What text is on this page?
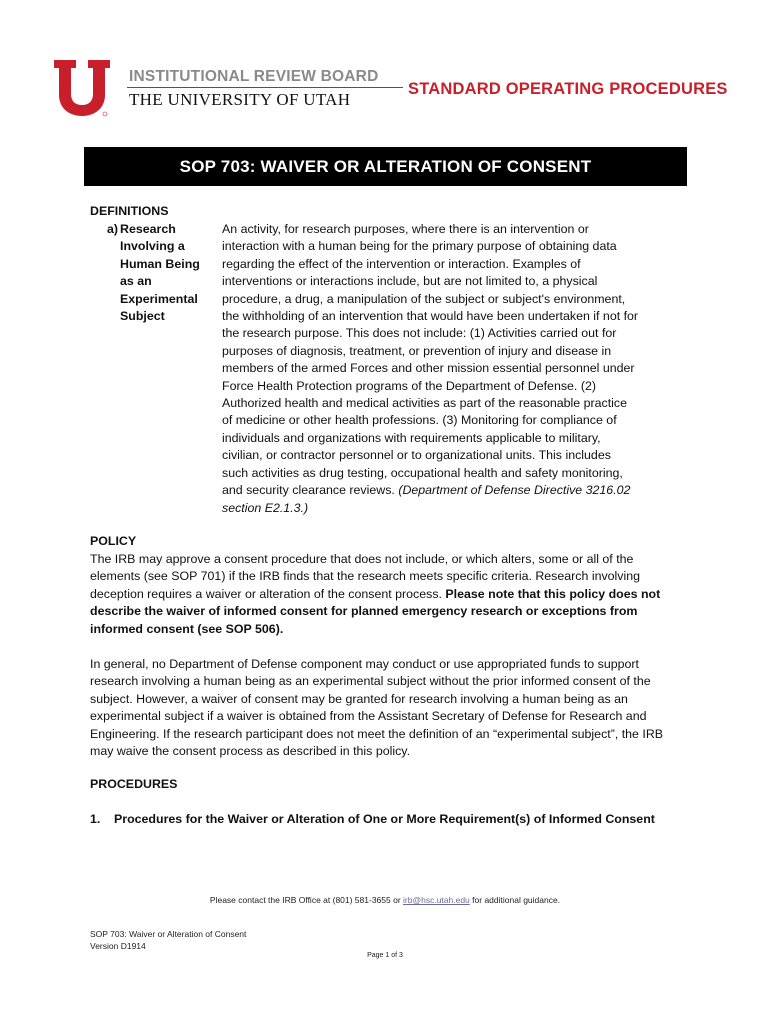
INSTITUTIONAL REVIEW BOARD
THE UNIVERSITY OF UTAH
STANDARD OPERATING PROCEDURES
SOP 703: WAIVER OR ALTERATION OF CONSENT
DEFINITIONS
a) Research
Involving a
Human Being
as an
Experimental
Subject
An activity, for research purposes, where there is an intervention or interaction with a human being for the primary purpose of obtaining data regarding the effect of the intervention or interaction. Examples of interventions or interactions include, but are not limited to, a physical procedure, a drug, a manipulation of the subject or subject's environment, the withholding of an intervention that would have been undertaken if not for the research purpose. This does not include: (1) Activities carried out for purposes of diagnosis, treatment, or prevention of injury and disease in members of the armed Forces and other mission essential personnel under Force Health Protection programs of the Department of Defense. (2) Authorized health and medical activities as part of the reasonable practice of medicine or other health professions. (3) Monitoring for compliance of individuals and organizations with requirements applicable to military, civilian, or contractor personnel or to organizational units. This includes such activities as drug testing, occupational health and safety monitoring, and security clearance reviews. (Department of Defense Directive 3216.02 section E2.1.3.)
POLICY
The IRB may approve a consent procedure that does not include, or which alters, some or all of the elements (see SOP 701) if the IRB finds that the research meets specific criteria. Research involving deception requires a waiver or alteration of the consent process. Please note that this policy does not describe the waiver of informed consent for planned emergency research or exceptions from informed consent (see SOP 506).
In general, no Department of Defense component may conduct or use appropriated funds to support research involving a human being as an experimental subject without the prior informed consent of the subject. However, a waiver of consent may be granted for research involving a human being as an experimental subject if a waiver is obtained from the Assistant Secretary of Defense for Research and Engineering. If the research participant does not meet the definition of an “experimental subject”, the IRB may waive the consent process as described in this policy.
PROCEDURES
1. Procedures for the Waiver or Alteration of One or More Requirement(s) of Informed Consent
Please contact the IRB Office at (801) 581-3655 or irb@hsc.utah.edu for additional guidance.
SOP 703: Waiver or Alteration of Consent
Version D1914
Page 1 of 3
